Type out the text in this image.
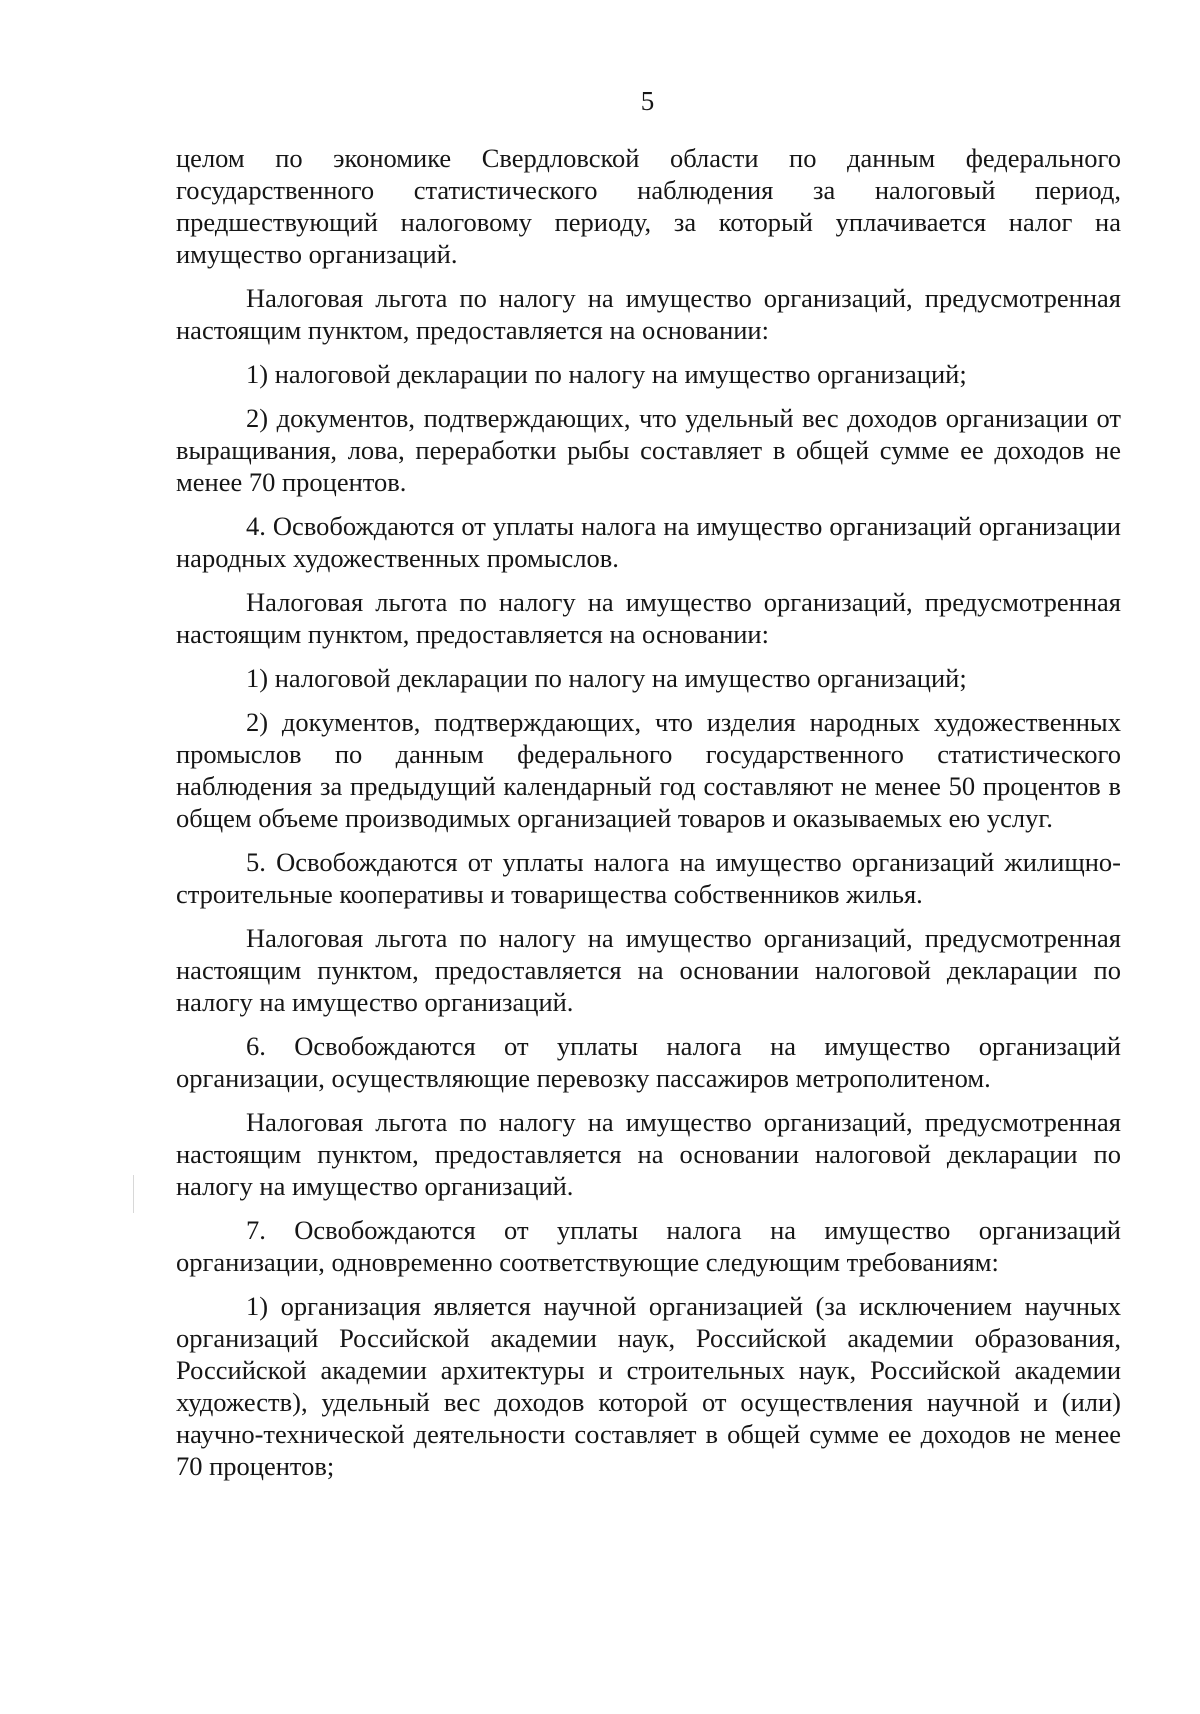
5

целом по экономике Свердловской области по данным федерального государственного статистического наблюдения за налоговый период, предшествующий налоговому периоду, за который уплачивается налог на имущество организаций.

Налоговая льгота по налогу на имущество организаций, предусмотренная настоящим пунктом, предоставляется на основании:

1) налоговой декларации по налогу на имущество организаций;

2) документов, подтверждающих, что удельный вес доходов организации от выращивания, лова, переработки рыбы составляет в общей сумме ее доходов не менее 70 процентов.

4. Освобождаются от уплаты налога на имущество организаций организации народных художественных промыслов.

Налоговая льгота по налогу на имущество организаций, предусмотренная настоящим пунктом, предоставляется на основании:

1) налоговой декларации по налогу на имущество организаций;

2) документов, подтверждающих, что изделия народных художественных промыслов по данным федерального государственного статистического наблюдения за предыдущий календарный год составляют не менее 50 процентов в общем объеме производимых организацией товаров и оказываемых ею услуг.

5. Освобождаются от уплаты налога на имущество организаций жилищно-строительные кооперативы и товарищества собственников жилья.

Налоговая льгота по налогу на имущество организаций, предусмотренная настоящим пунктом, предоставляется на основании налоговой декларации по налогу на имущество организаций.

6. Освобождаются от уплаты налога на имущество организаций организации, осуществляющие перевозку пассажиров метрополитеном.

Налоговая льгота по налогу на имущество организаций, предусмотренная настоящим пунктом, предоставляется на основании налоговой декларации по налогу на имущество организаций.

7. Освобождаются от уплаты налога на имущество организаций организации, одновременно соответствующие следующим требованиям:

1) организация является научной организацией (за исключением научных организаций Российской академии наук, Российской академии образования, Российской академии архитектуры и строительных наук, Российской академии художеств), удельный вес доходов которой от осуществления научной и (или) научно-технической деятельности составляет в общей сумме ее доходов не менее 70 процентов;
